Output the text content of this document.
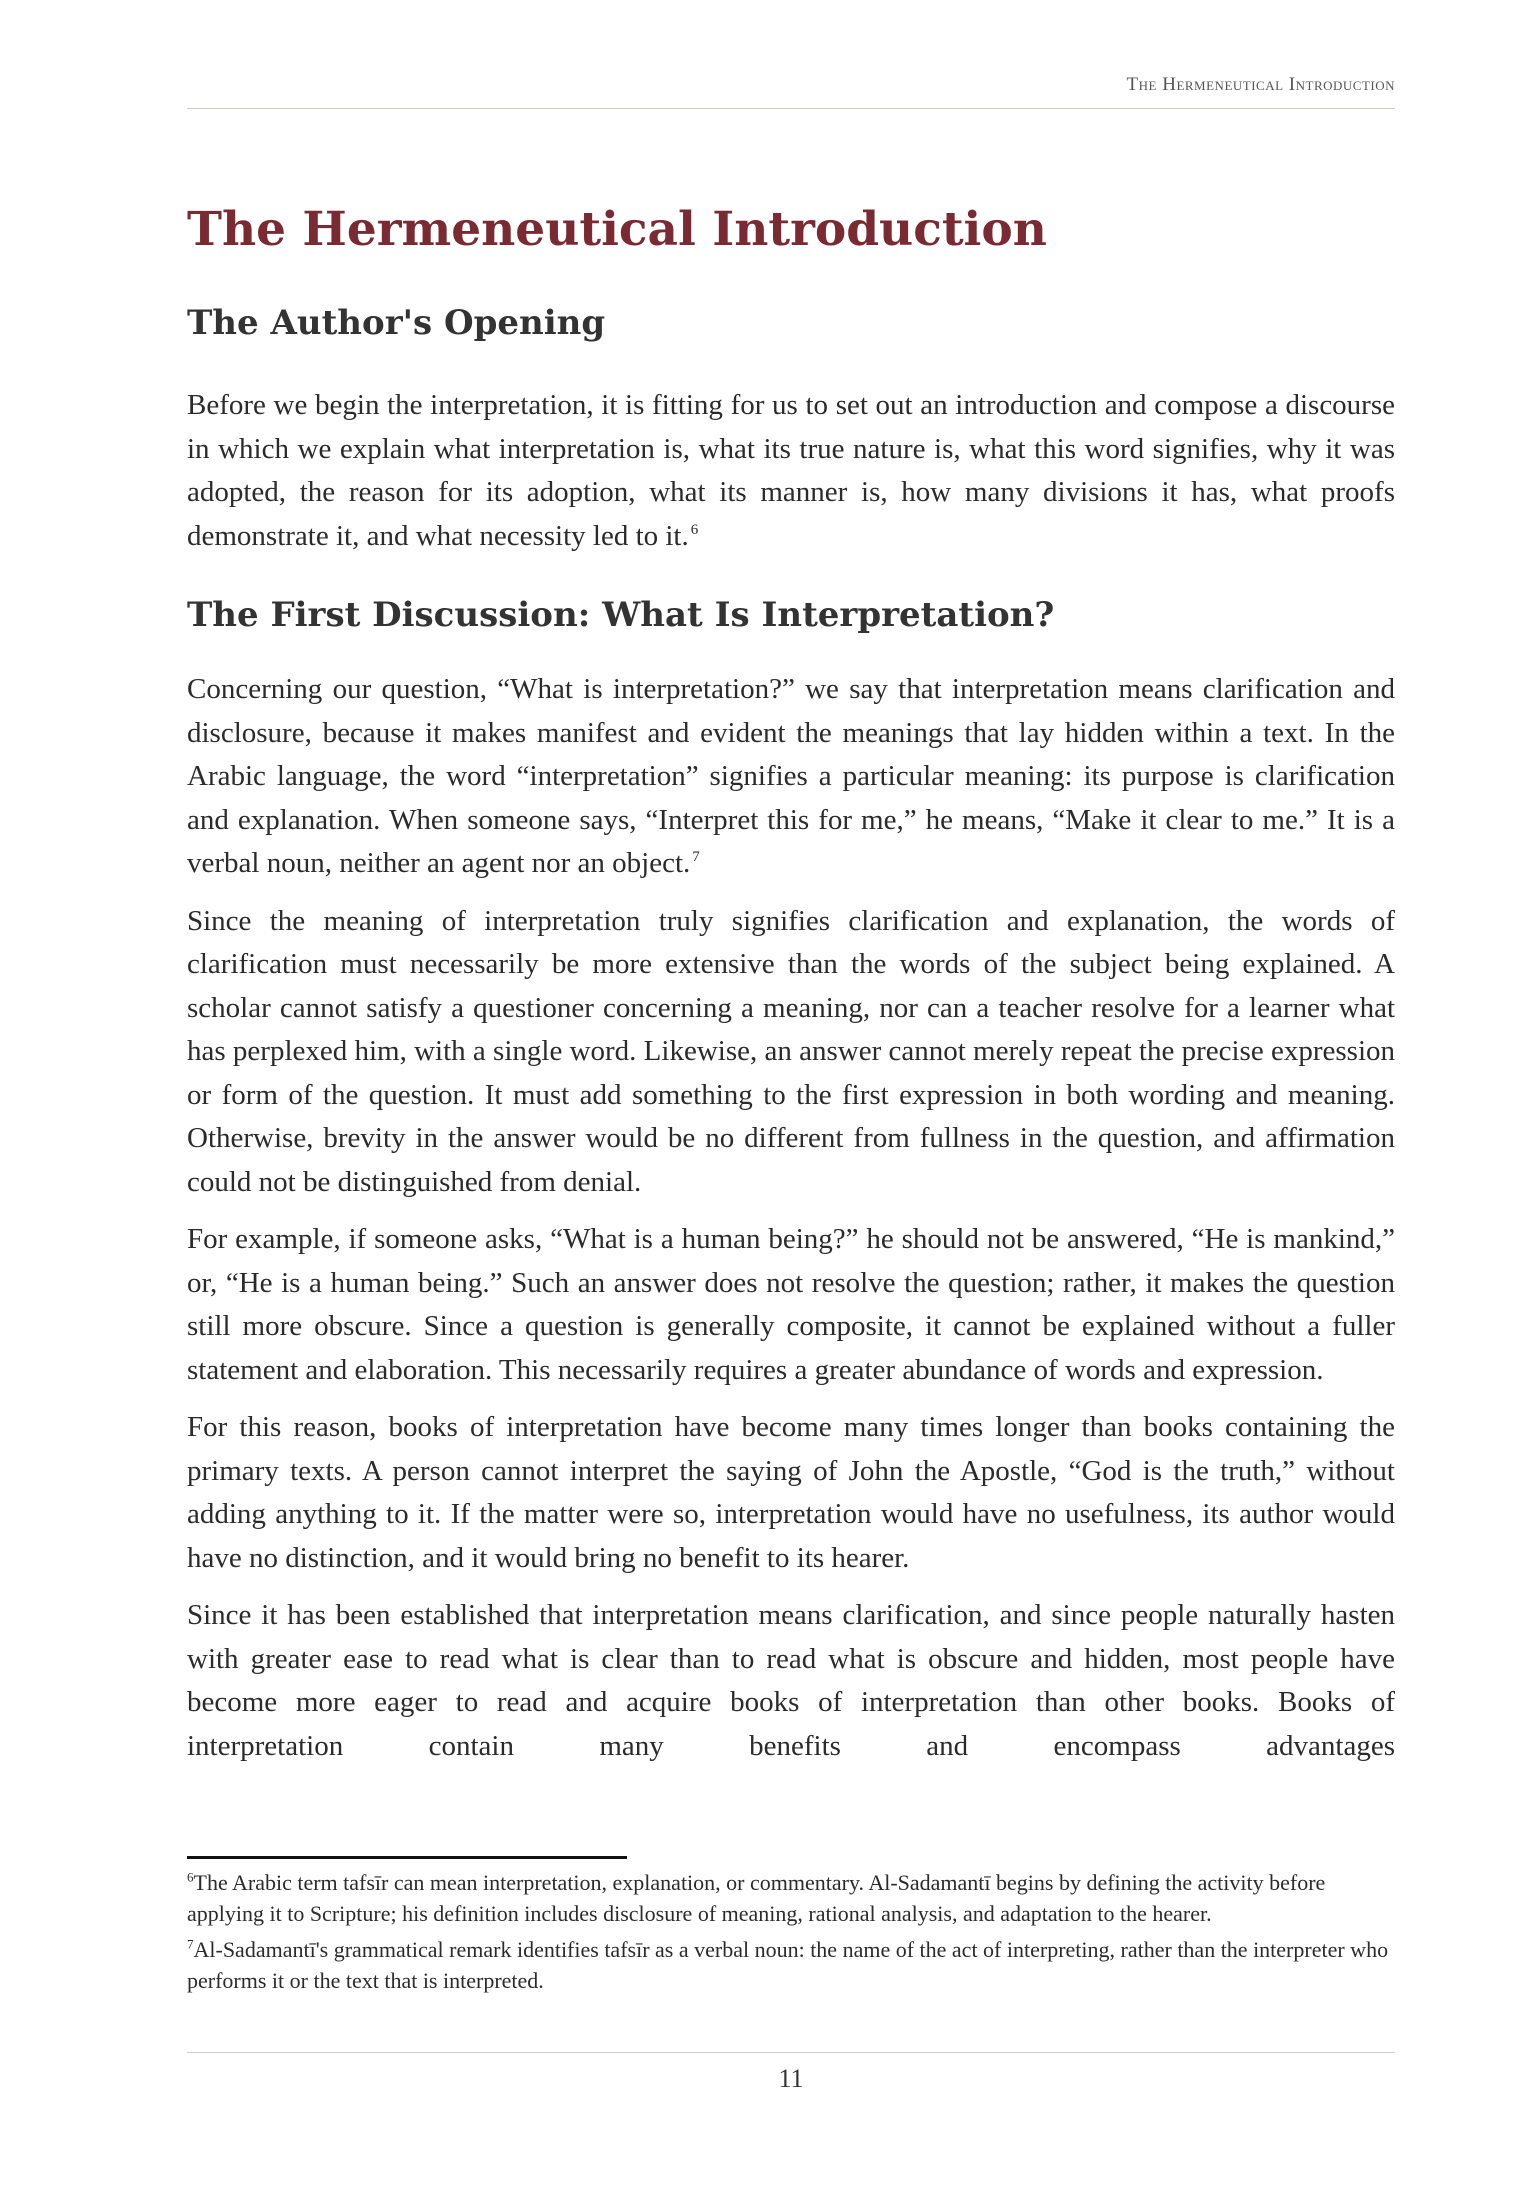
The Hermeneutical Introduction
The Hermeneutical Introduction
The Author's Opening

Before we begin the interpretation, it is fitting for us to set out an introduction and compose a discourse in which we explain what interpretation is, what its true nature is, what this word signifies, why it was adopted, the reason for its adoption, what its manner is, how many divisions it has, what proofs demonstrate it, and what necessity led to it. $^6$

The First Discussion: What Is Interpretation?

Concerning our question, “What is interpretation?” we say that interpretation means clarification and disclosure, because it makes manifest and evident the meanings that lay hidden within a text. In the Arabic language, the word “interpretation” signifies a particular meaning: its purpose is clarification and explanation. When someone says, “Interpret this for me,” he means, “Make it clear to me.” It is a verbal noun, neither an agent nor an object. $^7$

Since the meaning of interpretation truly signifies clarification and explanation, the words of clarification must necessarily be more extensive than the words of the subject being explained. A scholar cannot satisfy a questioner concerning a meaning, nor can a teacher resolve for a learner what has perplexed him, with a single word. Likewise, an answer cannot merely repeat the precise expression or form of the question. It must add something to the first expression in both wording and meaning. Otherwise, brevity in the answer would be no different from fullness in the question, and affirmation could not be distinguished from denial.

For example, if someone asks, “What is a human being?” he should not be answered, “He is mankind,” or, “He is a human being.” Such an answer does not resolve the question; rather, it makes the question still more obscure. Since a question is generally composite, it cannot be explained without a fuller statement and elaboration. This necessarily requires a greater abundance of words and expression.

For this reason, books of interpretation have become many times longer than books containing the primary texts. A person cannot interpret the saying of John the Apostle, “God is the truth,” without adding anything to it. If the matter were so, interpretation would have no usefulness, its author would have no distinction, and it would bring no benefit to its hearer.

Since it has been established that interpretation means clarification, and since people naturally hasten with greater ease to read what is clear than to read what is obscure and hidden, most people have become more eager to read and acquire books of interpretation than other books. Books of interpretation contain many benefits and encompass advantages

$^6$The Arabic term tafsīr can mean interpretation, explanation, or commentary. Al-Sadamantī begins by defining the activity before applying it to Scripture; his definition includes disclosure of meaning, rational analysis, and adaptation to the hearer.

$^7$Al-Sadamantī's grammatical remark identifies tafsīr as a verbal noun: the name of the act of interpreting, rather than the interpreter who performs it or the text that is interpreted.

11
